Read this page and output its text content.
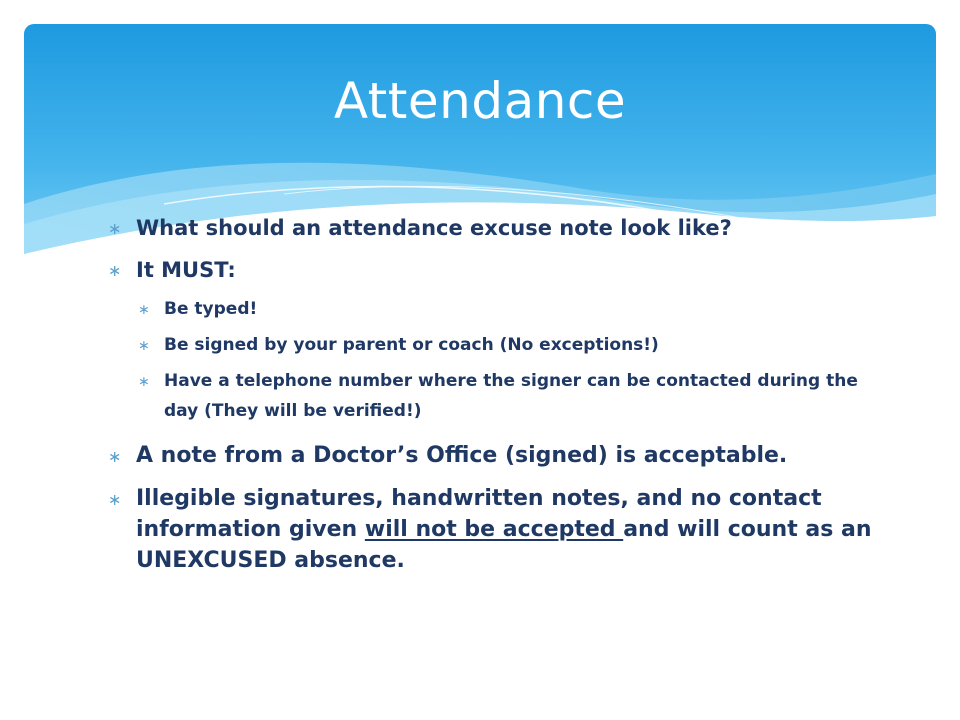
Attendance
∗ What should an attendance excuse note look like?
∗ It MUST:
∗ Be typed!
∗ Be signed by your parent or coach (No exceptions!)
∗ Have a telephone number where the signer can be contacted during the day (They will be verified!)
∗ A note from a Doctor’s Office (signed) is acceptable.
∗ Illegible signatures, handwritten notes, and no contact information given will not be accepted and will count as an UNEXCUSED absence.
